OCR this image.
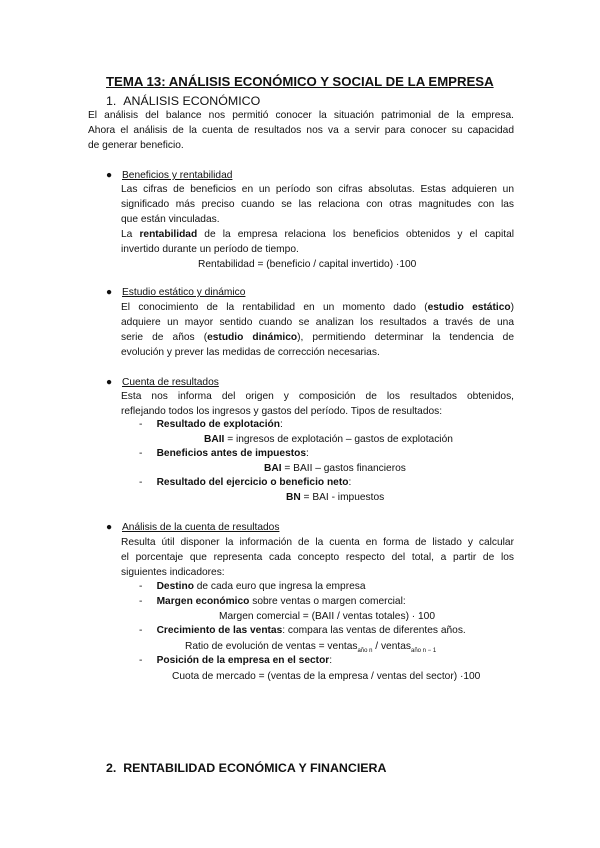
TEMA 13: ANÁLISIS ECONÓMICO Y SOCIAL DE LA EMPRESA
1. ANÁLISIS ECONÓMICO
El análisis del balance nos permitió conocer la situación patrimonial de la empresa.
Ahora el análisis de la cuenta de resultados nos va a servir para conocer su capacidad
de generar beneficio.
● Beneficios y rentabilidad
Las cifras de beneficios en un período son cifras absolutas. Estas adquieren un
significado más preciso cuando se las relaciona con otras magnitudes con las
que están vinculadas.
La rentabilidad de la empresa relaciona los beneficios obtenidos y el capital
invertido durante un período de tiempo.
Rentabilidad = (beneficio / capital invertido) ·100
● Estudio estático y dinámico
El conocimiento de la rentabilidad en un momento dado (estudio estático)
adquiere un mayor sentido cuando se analizan los resultados a través de una
serie de años (estudio dinámico), permitiendo determinar la tendencia de
evolución y prever las medidas de corrección necesarias.
● Cuenta de resultados
Esta nos informa del origen y composición de los resultados obtenidos,
reflejando todos los ingresos y gastos del período. Tipos de resultados:
- Resultado de explotación:
BAII = ingresos de explotación – gastos de explotación
- Beneficios antes de impuestos:
BAI = BAII – gastos financieros
- Resultado del ejercicio o beneficio neto:
BN = BAI - impuestos
● Análisis de la cuenta de resultados
Resulta útil disponer la información de la cuenta en forma de listado y calcular
el porcentaje que representa cada concepto respecto del total, a partir de los
siguientes indicadores:
- Destino de cada euro que ingresa la empresa
- Margen económico sobre ventas o margen comercial:
Margen comercial = (BAII / ventas totales) · 100
- Crecimiento de las ventas: compara las ventas de diferentes años.
Ratio de evolución de ventas = ventas$_{año n}$ / ventas$_{año n - 1}$
- Posición de la empresa en el sector:
Cuota de mercado = (ventas de la empresa / ventas del sector) ·100
2. RENTABILIDAD ECONÓMICA Y FINANCIERA
